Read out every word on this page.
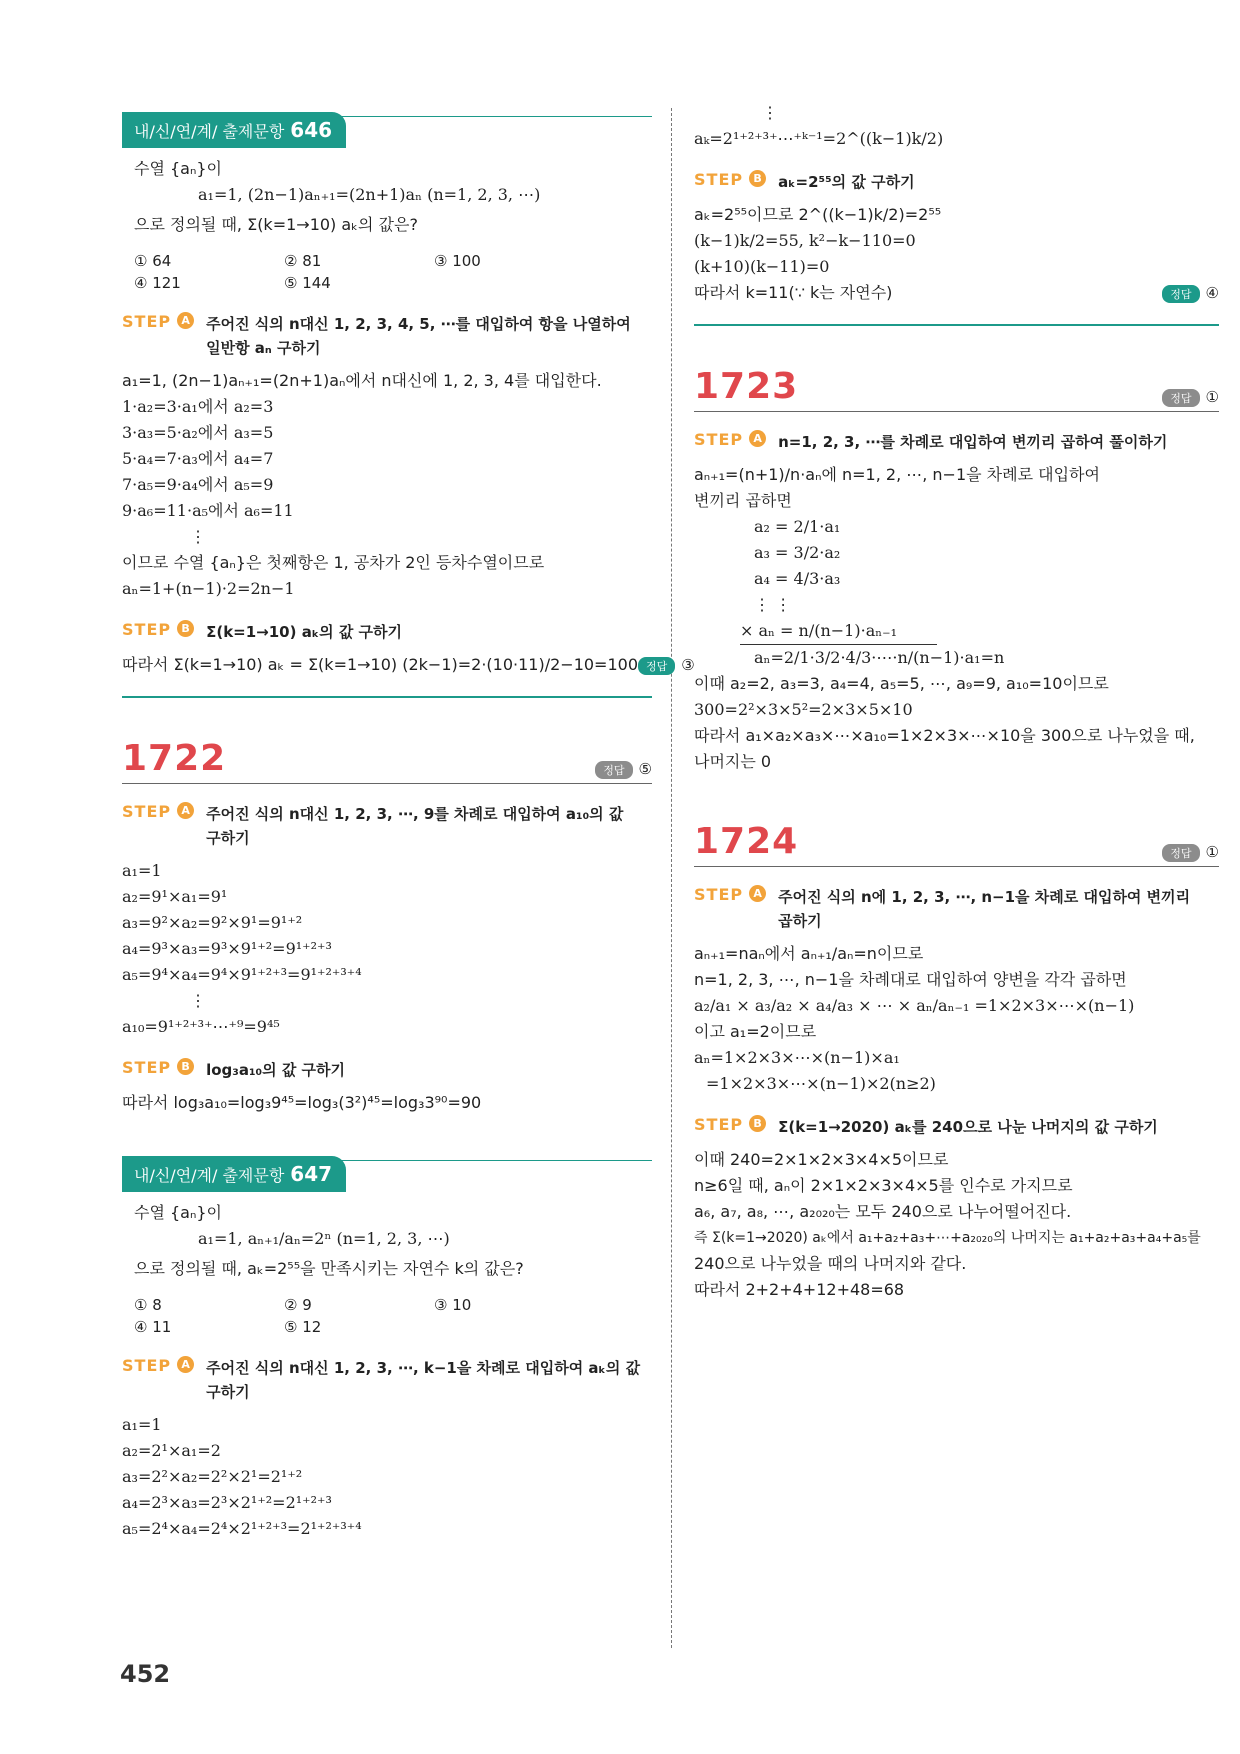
내/신/연/계/ 출제문항 646
수열 {aₙ}이
a₁=1, (2n−1)aₙ₊₁=(2n+1)aₙ (n=1, 2, 3, ⋯)
으로 정의될 때, Σ(k=1→10) aₖ의 값은?
① 64	② 81	③ 100
④ 121	⑤ 144
STEP A 주어진 식의 n대신 1, 2, 3, 4, 5, ⋯를 대입하여 항을 나열하여
일반항 aₙ 구하기
a₁=1, (2n−1)aₙ₊₁=(2n+1)aₙ에서 n대신에 1, 2, 3, 4를 대입한다.
1·a₂=3·a₁에서 a₂=3
3·a₃=5·a₂에서 a₃=5
5·a₄=7·a₃에서 a₄=7
7·a₅=9·a₄에서 a₅=9
9·a₆=11·a₅에서 a₆=11
⋮
이므로 수열 {aₙ}은 첫째항은 1, 공차가 2인 등차수열이므로
aₙ=1+(n−1)·2=2n−1
STEP B Σ(k=1→10) aₖ의 값 구하기
따라서 Σ(k=1→10) aₖ = Σ(k=1→10) (2k−1)=2·(10·11)/2−10=100 정답 ③
1722	정답 ⑤
STEP A 주어진 식의 n대신 1, 2, 3, ⋯, 9를 차례로 대입하여 a₁₀의 값
구하기
a₁=1
a₂=9¹×a₁=9¹
a₃=9²×a₂=9²×9¹=9¹⁺²
a₄=9³×a₃=9³×9¹⁺²=9¹⁺²⁺³
a₅=9⁴×a₄=9⁴×9¹⁺²⁺³=9¹⁺²⁺³⁺⁴
⋮
a₁₀=9¹⁺²⁺³⁺⋯⁺⁹=9⁴⁵
STEP B log₃a₁₀의 값 구하기
따라서 log₃a₁₀=log₃9⁴⁵=log₃(3²)⁴⁵=log₃3⁹⁰=90
내/신/연/계/ 출제문항 647
수열 {aₙ}이
a₁=1, aₙ₊₁/aₙ=2ⁿ (n=1, 2, 3, ⋯)
으로 정의될 때, aₖ=2⁵⁵을 만족시키는 자연수 k의 값은?
① 8	② 9	③ 10
④ 11	⑤ 12
STEP A 주어진 식의 n대신 1, 2, 3, ⋯, k−1을 차례로 대입하여 aₖ의 값
구하기
a₁=1
a₂=2¹×a₁=2
a₃=2²×a₂=2²×2¹=2¹⁺²
a₄=2³×a₃=2³×2¹⁺²=2¹⁺²⁺³
a₅=2⁴×a₄=2⁴×2¹⁺²⁺³=2¹⁺²⁺³⁺⁴
⋮
aₖ=2¹⁺²⁺³⁺⋯⁺ᵏ⁻¹=2^((k−1)k/2)
STEP B aₖ=2⁵⁵의 값 구하기
aₖ=2⁵⁵이므로 2^((k−1)k/2)=2⁵⁵
(k−1)k/2=55, k²−k−110=0
(k+10)(k−11)=0
따라서 k=11(∵ k는 자연수)	정답 ④
1723	정답 ①
STEP A n=1, 2, 3, ⋯를 차례로 대입하여 변끼리 곱하여 풀이하기
aₙ₊₁=(n+1)/n·aₙ에 n=1, 2, ⋯, n−1을 차례로 대입하여
변끼리 곱하면
a₂ = 2/1·a₁
a₃ = 3/2·a₂
a₄ = 4/3·a₃
⋮ ⋮
× aₙ = n/(n−1)·aₙ₋₁
aₙ=2/1·3/2·4/3·⋯·n/(n−1)·a₁=n
이때 a₂=2, a₃=3, a₄=4, a₅=5, ⋯, a₉=9, a₁₀=10이므로
300=2²×3×5²=2×3×5×10
따라서 a₁×a₂×a₃×⋯×a₁₀=1×2×3×⋯×10을 300으로 나누었을 때,
나머지는 0
1724	정답 ①
STEP A 주어진 식의 n에 1, 2, 3, ⋯, n−1을 차례로 대입하여 변끼리
곱하기
aₙ₊₁=naₙ에서 aₙ₊₁/aₙ=n이므로
n=1, 2, 3, ⋯, n−1을 차례대로 대입하여 양변을 각각 곱하면
a₂/a₁ × a₃/a₂ × a₄/a₃ × ⋯ × aₙ/aₙ₋₁ =1×2×3×⋯×(n−1)
이고 a₁=2이므로
aₙ=1×2×3×⋯×(n−1)×a₁
=1×2×3×⋯×(n−1)×2(n≥2)
STEP B Σ(k=1→2020) aₖ를 240으로 나눈 나머지의 값 구하기
이때 240=2×1×2×3×4×5이므로
n≥6일 때, aₙ이 2×1×2×3×4×5를 인수로 가지므로
a₆, a₇, a₈, ⋯, a₂₀₂₀는 모두 240으로 나누어떨어진다.
즉 Σ(k=1→2020) aₖ에서 a₁+a₂+a₃+⋯+a₂₀₂₀의 나머지는 a₁+a₂+a₃+a₄+a₅를
240으로 나누었을 때의 나머지와 같다.
따라서 2+2+4+12+48=68
452
